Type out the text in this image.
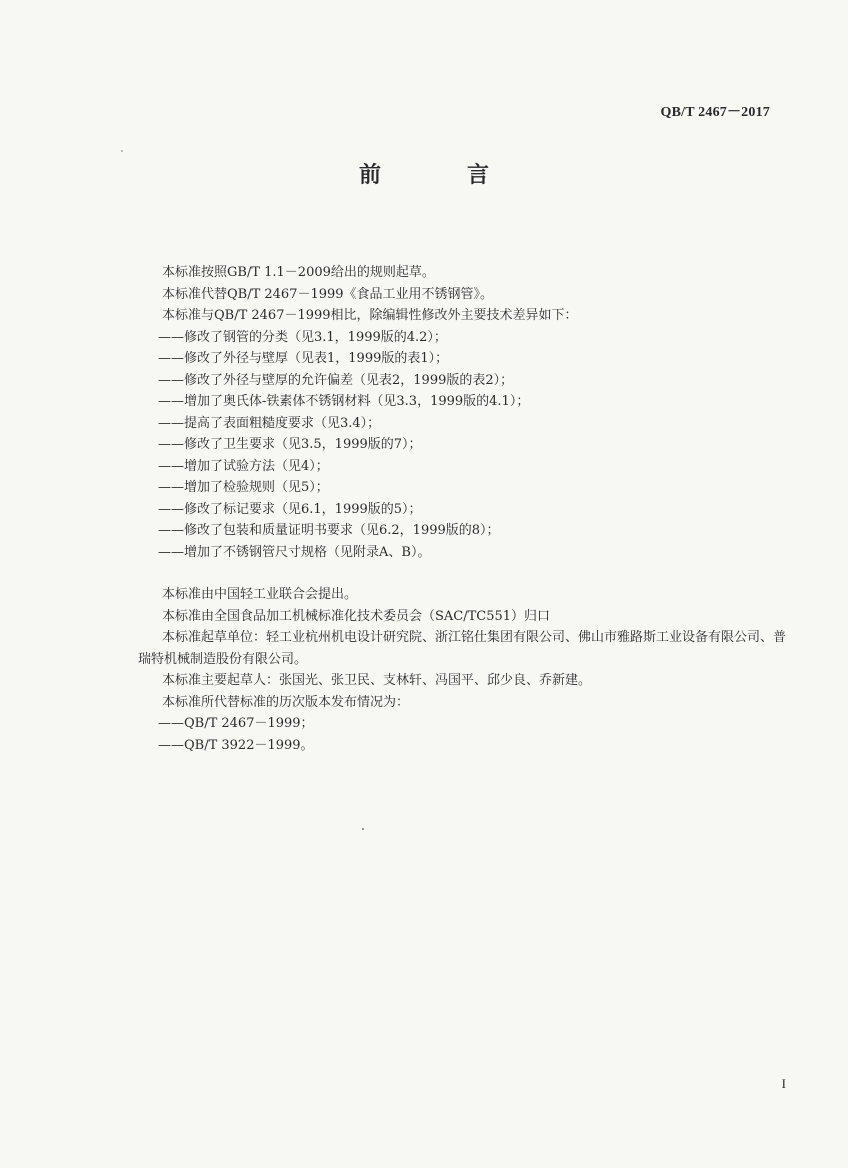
QB/T 2467－2017
前　言
本标准按照GB/T 1.1－2009给出的规则起草。
本标准代替QB/T 2467－1999《食品工业用不锈钢管》。
本标准与QB/T 2467－1999相比，除编辑性修改外主要技术差异如下：
——修改了钢管的分类（见3.1，1999版的4.2）；
——修改了外径与壁厚（见表1，1999版的表1）；
——修改了外径与壁厚的允许偏差（见表2，1999版的表2）；
——增加了奥氏体-铁素体不锈钢材料（见3.3，1999版的4.1）；
——提高了表面粗糙度要求（见3.4）；
——修改了卫生要求（见3.5，1999版的7）；
——增加了试验方法（见4）；
——增加了检验规则（见5）；
——修改了标记要求（见6.1，1999版的5）；
——修改了包装和质量证明书要求（见6.2，1999版的8）；
——增加了不锈钢管尺寸规格（见附录A、B）。
本标准由中国轻工业联合会提出。
本标准由全国食品加工机械标准化技术委员会（SAC/TC551）归口
本标准起草单位：轻工业杭州机电设计研究院、浙江铭仕集团有限公司、佛山市雅路斯工业设备有限公司、普瑞特机械制造股份有限公司。
本标准主要起草人：张国光、张卫民、支林轩、冯国平、邱少良、乔新建。
本标准所代替标准的历次版本发布情况为：
——QB/T 2467－1999；
——QB/T 3922－1999。
I
